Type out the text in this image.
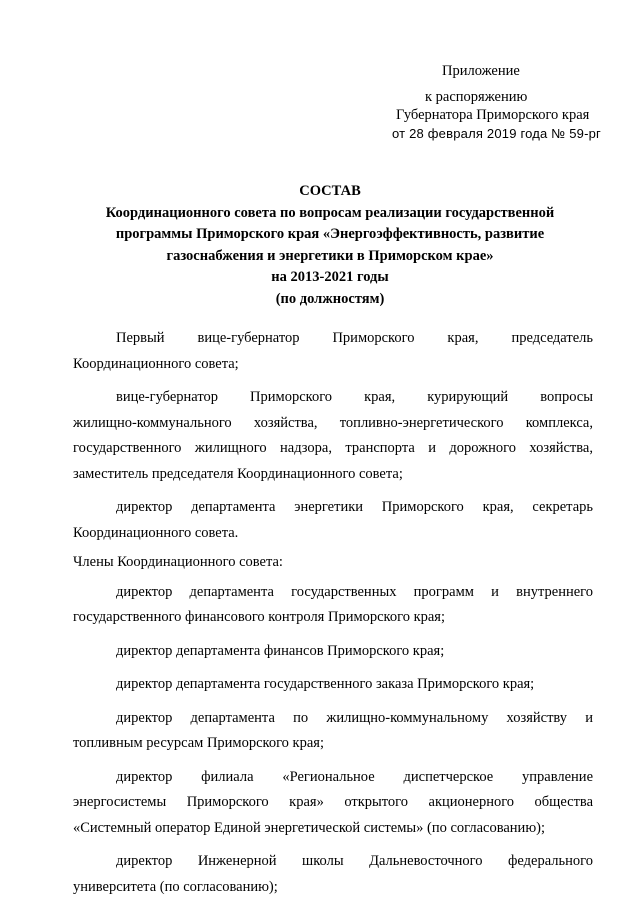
Приложение
к распоряжению
Губернатора Приморского края
от 28 февраля 2019 года № 59-рг
СОСТАВ
Координационного совета по вопросам реализации государственной
программы Приморского края «Энергоэффективность, развитие
газоснабжения и энергетики в Приморском крае»
на 2013-2021 годы
(по должностям)
Первый вице-губернатор Приморского края, председатель
Координационного совета;
вице-губернатор Приморского края, курирующий вопросы
жилищно-коммунального хозяйства, топливно-энергетического комплекса,
государственного жилищного надзора, транспорта и дорожного хозяйства,
заместитель председателя Координационного совета;
директор департамента энергетики Приморского края, секретарь
Координационного совета.
Члены Координационного совета:
директор департамента государственных программ и внутреннего
государственного финансового контроля Приморского края;
директор департамента финансов Приморского края;
директор департамента государственного заказа Приморского края;
директор департамента по жилищно-коммунальному хозяйству и
топливным ресурсам Приморского края;
директор филиала «Региональное диспетчерское управление
энергосистемы Приморского края» открытого акционерного общества
«Системный оператор Единой энергетической системы» (по согласованию);
директор Инженерной школы Дальневосточного федерального
университета (по согласованию);
